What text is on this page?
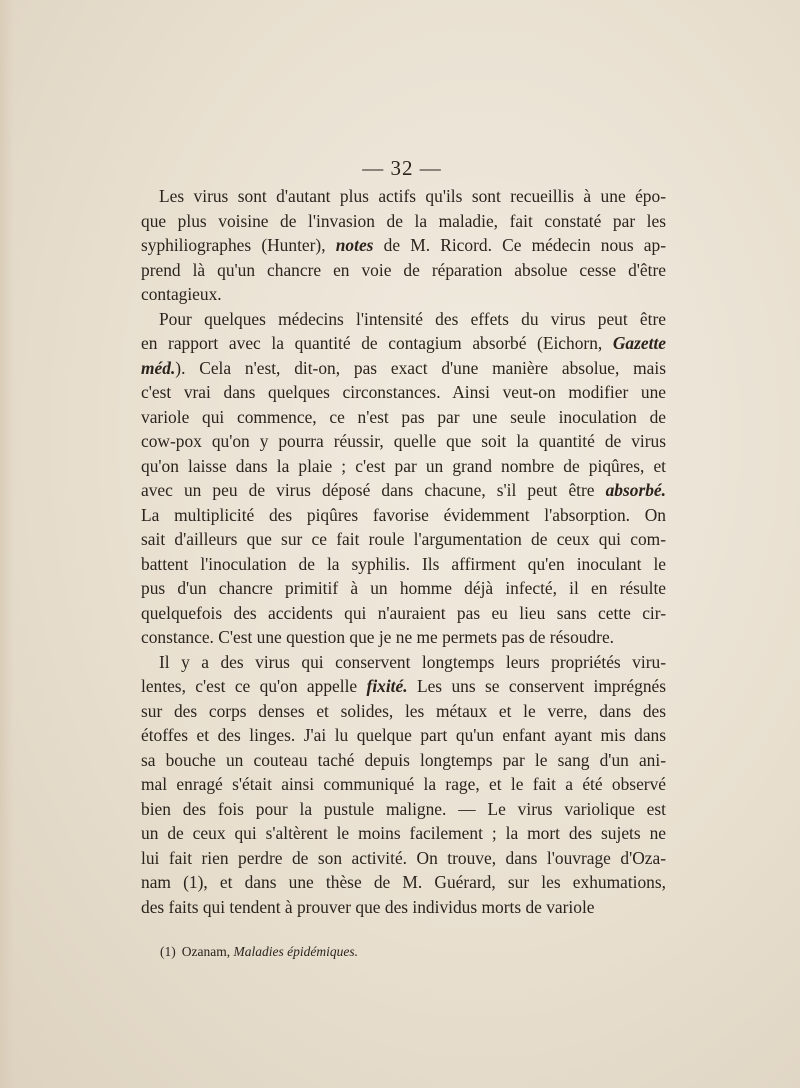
— 32 —
Les virus sont d'autant plus actifs qu'ils sont recueillis à une épo-
que plus voisine de l'invasion de la maladie, fait constaté par les
syphiliographes (Hunter), notes de M. Ricord. Ce médecin nous ap-
prend là qu'un chancre en voie de réparation absolue cesse d'être
contagieux.
Pour quelques médecins l'intensité des effets du virus peut être
en rapport avec la quantité de contagium absorbé (Eichorn, Gazette
méd.). Cela n'est, dit-on, pas exact d'une manière absolue, mais
c'est vrai dans quelques circonstances. Ainsi veut-on modifier une
variole qui commence, ce n'est pas par une seule inoculation de
cow-pox qu'on y pourra réussir, quelle que soit la quantité de virus
qu'on laisse dans la plaie ; c'est par un grand nombre de piqûres, et
avec un peu de virus déposé dans chacune, s'il peut être absorbé.
La multiplicité des piqûres favorise évidemment l'absorption. On
sait d'ailleurs que sur ce fait roule l'argumentation de ceux qui com-
battent l'inoculation de la syphilis. Ils affirment qu'en inoculant le
pus d'un chancre primitif à un homme déjà infecté, il en résulte
quelquefois des accidents qui n'auraient pas eu lieu sans cette cir-
constance. C'est une question que je ne me permets pas de résoudre.
Il y a des virus qui conservent longtemps leurs propriétés viru-
lentes, c'est ce qu'on appelle fixité. Les uns se conservent imprégnés
sur des corps denses et solides, les métaux et le verre, dans des
étoffes et des linges. J'ai lu quelque part qu'un enfant ayant mis dans
sa bouche un couteau taché depuis longtemps par le sang d'un ani-
mal enragé s'était ainsi communiqué la rage, et le fait a été observé
bien des fois pour la pustule maligne. — Le virus variolique est
un de ceux qui s'altèrent le moins facilement ; la mort des sujets ne
lui fait rien perdre de son activité. On trouve, dans l'ouvrage d'Oza-
nam (1), et dans une thèse de M. Guérard, sur les exhumations,
des faits qui tendent à prouver que des individus morts de variole
(1) Ozanam, Maladies épidémiques.
